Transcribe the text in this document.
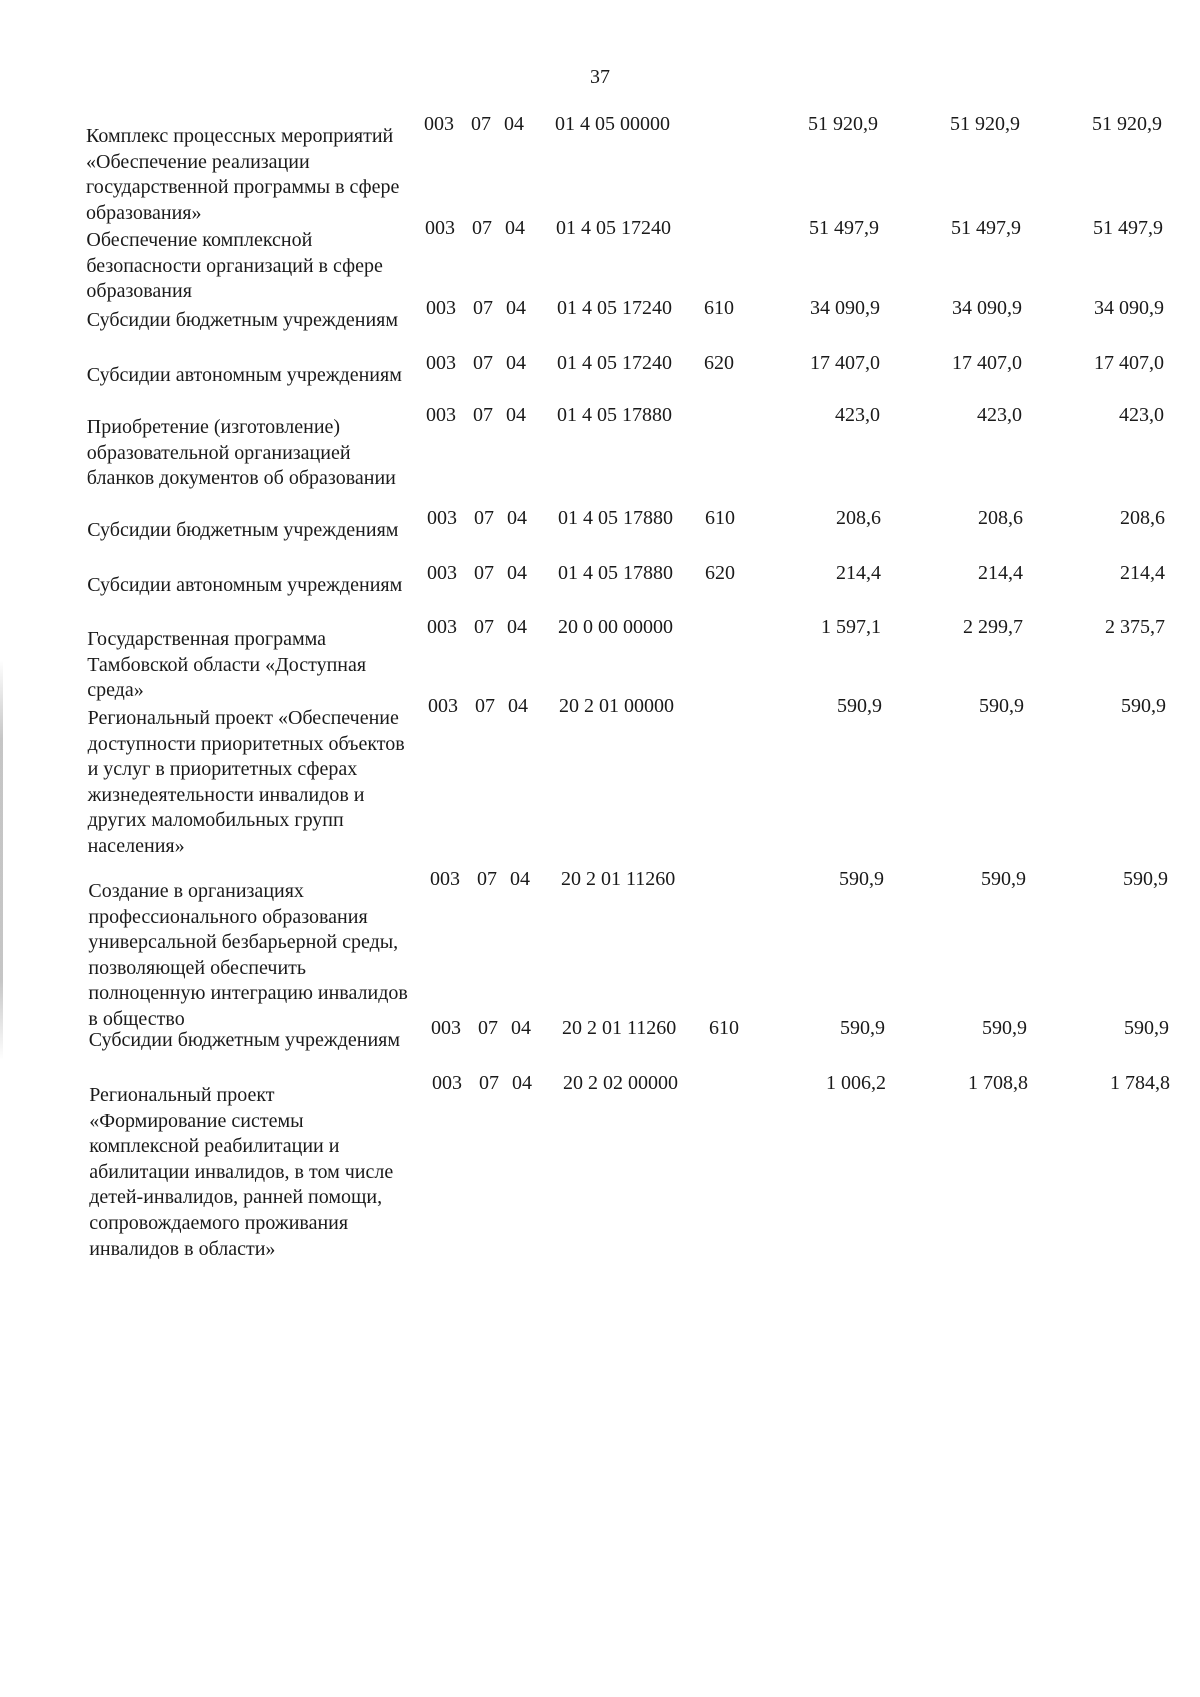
37
Комплекс процессных мероприятий «Обеспечение реализации государственной программы в сфере образования»
003 07 04 01 4 05 00000	51 920,9	51 920,9	51 920,9
Обеспечение комплексной безопасности организаций в сфере образования
003 07 04 01 4 05 17240	51 497,9	51 497,9	51 497,9
Субсидии бюджетным учреждениям
003 07 04 01 4 05 17240 610	34 090,9	34 090,9	34 090,9
Субсидии автономным учреждениям
003 07 04 01 4 05 17240 620	17 407,0	17 407,0	17 407,0
Приобретение (изготовление) образовательной организацией бланков документов об образовании
003 07 04 01 4 05 17880	423,0	423,0	423,0
Субсидии бюджетным учреждениям
003 07 04 01 4 05 17880 610	208,6	208,6	208,6
Субсидии автономным учреждениям
003 07 04 01 4 05 17880 620	214,4	214,4	214,4
Государственная программа Тамбовской области «Доступная среда»
003 07 04 20 0 00 00000	1 597,1	2 299,7	2 375,7
Региональный проект «Обеспечение доступности приоритетных объектов и услуг в приоритетных сферах жизнедеятельности инвалидов и других маломобильных групп населения»
003 07 04 20 2 01 00000	590,9	590,9	590,9
Создание в организациях профессионального образования универсальной безбарьерной среды, позволяющей обеспечить полноценную интеграцию инвалидов в общество
003 07 04 20 2 01 11260	590,9	590,9	590,9
Субсидии бюджетным учреждениям
003 07 04 20 2 01 11260 610	590,9	590,9	590,9
Региональный проект «Формирование системы комплексной реабилитации и абилитации инвалидов, в том числе детей-инвалидов, ранней помощи, сопровождаемого проживания инвалидов в области»
003 07 04 20 2 02 00000	1 006,2	1 708,8	1 784,8
